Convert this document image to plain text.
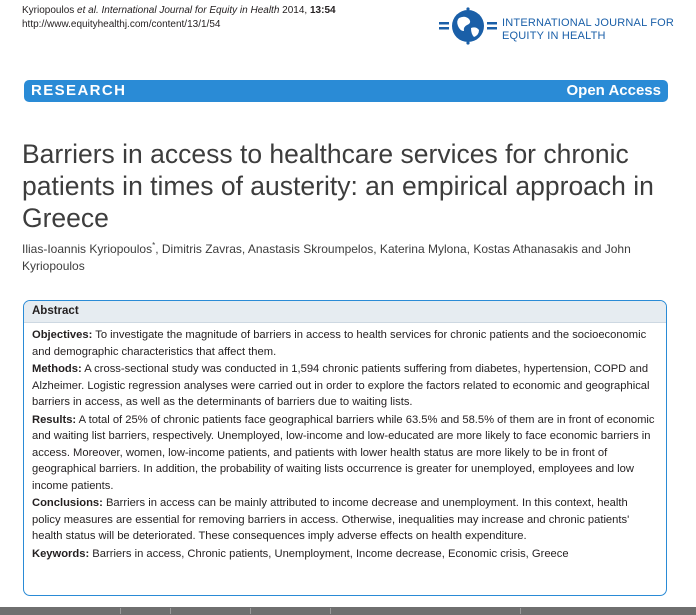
Kyriopoulos et al. International Journal for Equity in Health 2014, 13:54
http://www.equityhealthj.com/content/13/1/54	INTERNATIONAL JOURNAL FOR
EQUITY IN HEALTH
RESEARCH	Open Access
Barriers in access to healthcare services for chronic patients in times of austerity: an empirical approach in Greece
Ilias-Ioannis Kyriopoulos*, Dimitris Zavras, Anastasis Skroumpelos, Katerina Mylona, Kostas Athanasakis and John Kyriopoulos
Abstract

Objectives: To investigate the magnitude of barriers in access to health services for chronic patients and the socioeconomic and demographic characteristics that affect them.

Methods: A cross-sectional study was conducted in 1,594 chronic patients suffering from diabetes, hypertension, COPD and Alzheimer. Logistic regression analyses were carried out in order to explore the factors related to economic and geographical barriers in access, as well as the determinants of barriers due to waiting lists.

Results: A total of 25% of chronic patients face geographical barriers while 63.5% and 58.5% of them are in front of economic and waiting list barriers, respectively. Unemployed, low-income and low-educated are more likely to face economic barriers in access. Moreover, women, low-income patients, and patients with lower health status are more likely to be in front of geographical barriers. In addition, the probability of waiting lists occurrence is greater for unemployed, employees and low income patients.

Conclusions: Barriers in access can be mainly attributed to income decrease and unemployment. In this context, health policy measures are essential for removing barriers in access. Otherwise, inequalities may increase and chronic patients' health status will be deteriorated. These consequences imply adverse effects on health expenditure.

Keywords: Barriers in access, Chronic patients, Unemployment, Income decrease, Economic crisis, Greece
